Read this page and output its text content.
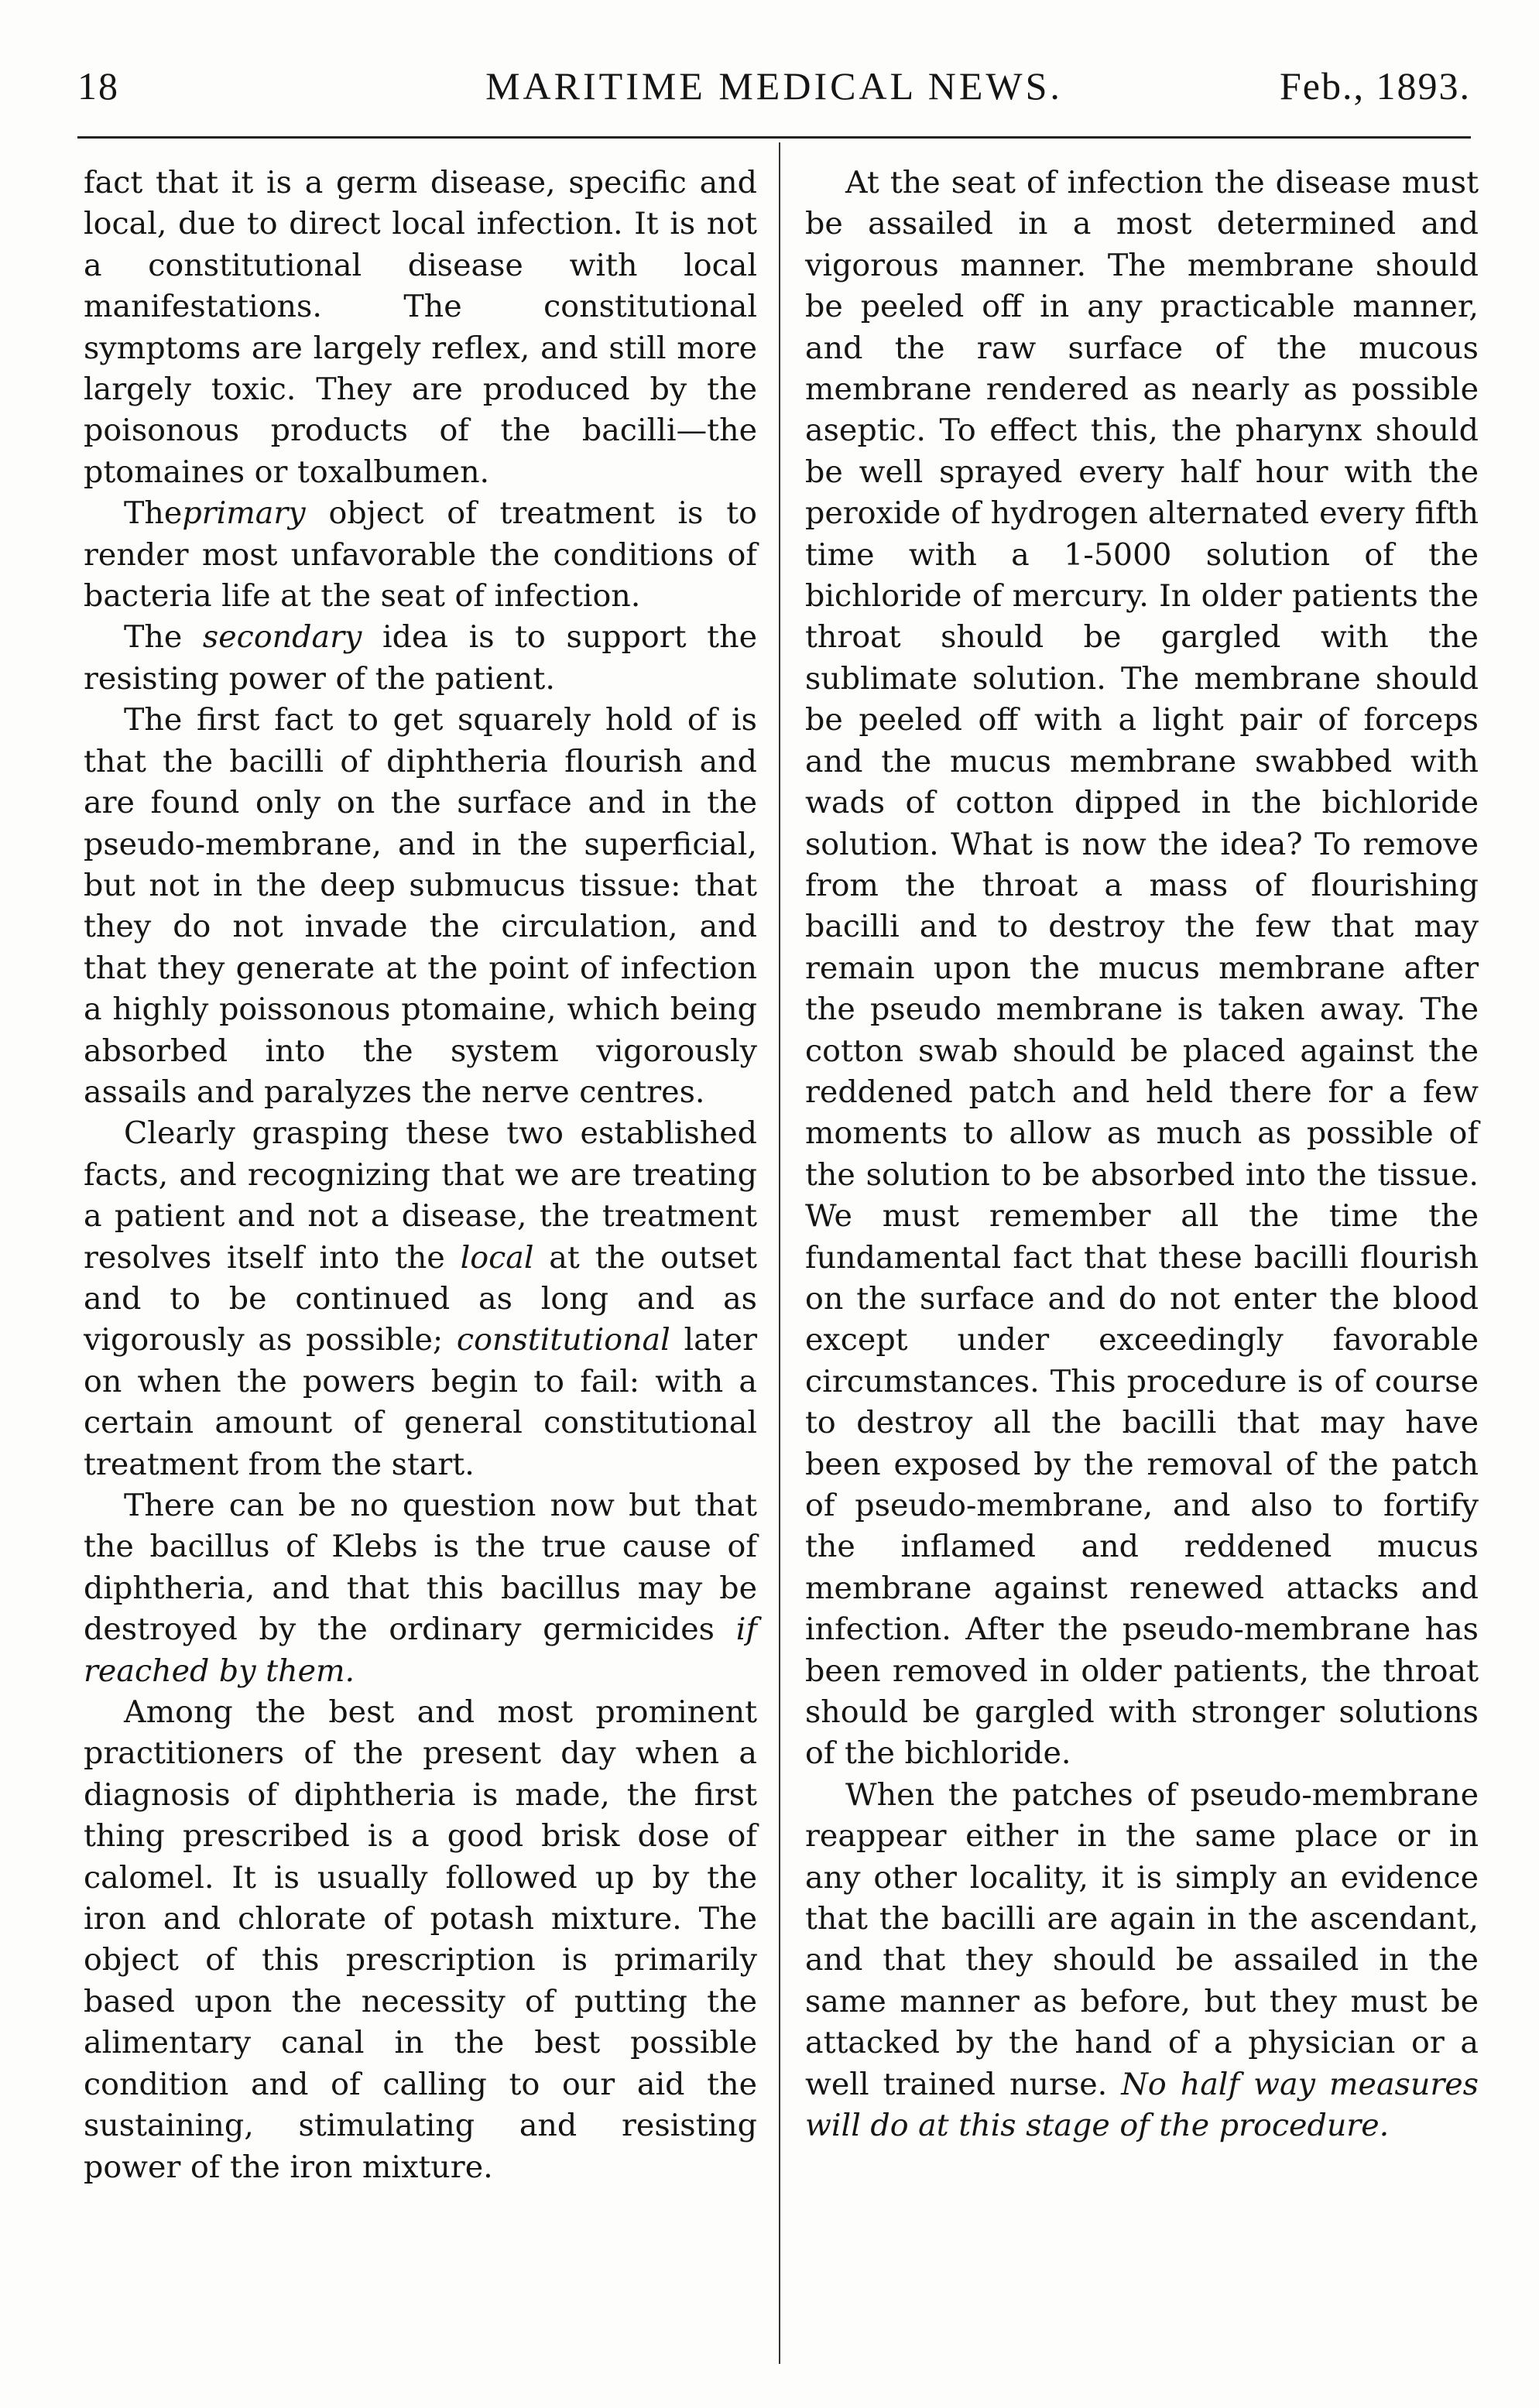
18	MARITIME MEDICAL NEWS.	Feb., 1893.

fact that it is a germ disease, specific and local, due to direct local infection. It is not a constitutional disease with local manifestations. The constitutional symptoms are largely reflex, and still more largely toxic. They are produced by the poisonous products of the bacilli—the ptomaines or toxalbumen.

Theprimary object of treatment is to render most unfavorable the conditions of bacteria life at the seat of infection.

The secondary idea is to support the resisting power of the patient.

The first fact to get squarely hold of is that the bacilli of diphtheria flourish and are found only on the surface and in the pseudo-membrane, and in the superficial, but not in the deep submucus tissue: that they do not invade the circulation, and that they generate at the point of infection a highly poissonous ptomaine, which being absorbed into the system vigorously assails and paralyzes the nerve centres.

Clearly grasping these two established facts, and recognizing that we are treating a patient and not a disease, the treatment resolves itself into the local at the outset and to be continued as long and as vigorously as possible; constitutional later on when the powers begin to fail: with a certain amount of general constitutional treatment from the start.

There can be no question now but that the bacillus of Klebs is the true cause of diphtheria, and that this bacillus may be destroyed by the ordinary germicides if reached by them.

Among the best and most prominent practitioners of the present day when a diagnosis of diphtheria is made, the first thing prescribed is a good brisk dose of calomel. It is usually followed up by the iron and chlorate of potash mixture. The object of this prescription is primarily based upon the necessity of putting the alimentary canal in the best possible condition and of calling to our aid the sustaining, stimulating and resisting power of the iron mixture.

At the seat of infection the disease must be assailed in a most determined and vigorous manner. The membrane should be peeled off in any practicable manner, and the raw surface of the mucous membrane rendered as nearly as possible aseptic. To effect this, the pharynx should be well sprayed every half hour with the peroxide of hydrogen alternated every fifth time with a 1-5000 solution of the bichloride of mercury. In older patients the throat should be gargled with the sublimate solution. The membrane should be peeled off with a light pair of forceps and the mucus membrane swabbed with wads of cotton dipped in the bichloride solution. What is now the idea? To remove from the throat a mass of flourishing bacilli and to destroy the few that may remain upon the mucus membrane after the pseudo membrane is taken away. The cotton swab should be placed against the reddened patch and held there for a few moments to allow as much as possible of the solution to be absorbed into the tissue. We must remember all the time the fundamental fact that these bacilli flourish on the surface and do not enter the blood except under exceedingly favorable circumstances. This procedure is of course to destroy all the bacilli that may have been exposed by the removal of the patch of pseudo-membrane, and also to fortify the inflamed and reddened mucus membrane against renewed attacks and infection. After the pseudo-membrane has been removed in older patients, the throat should be gargled with stronger solutions of the bichloride.

When the patches of pseudo-membrane reappear either in the same place or in any other locality, it is simply an evidence that the bacilli are again in the ascendant, and that they should be assailed in the same manner as before, but they must be attacked by the hand of a physician or a well trained nurse. No half way measures will do at this stage of the procedure.
